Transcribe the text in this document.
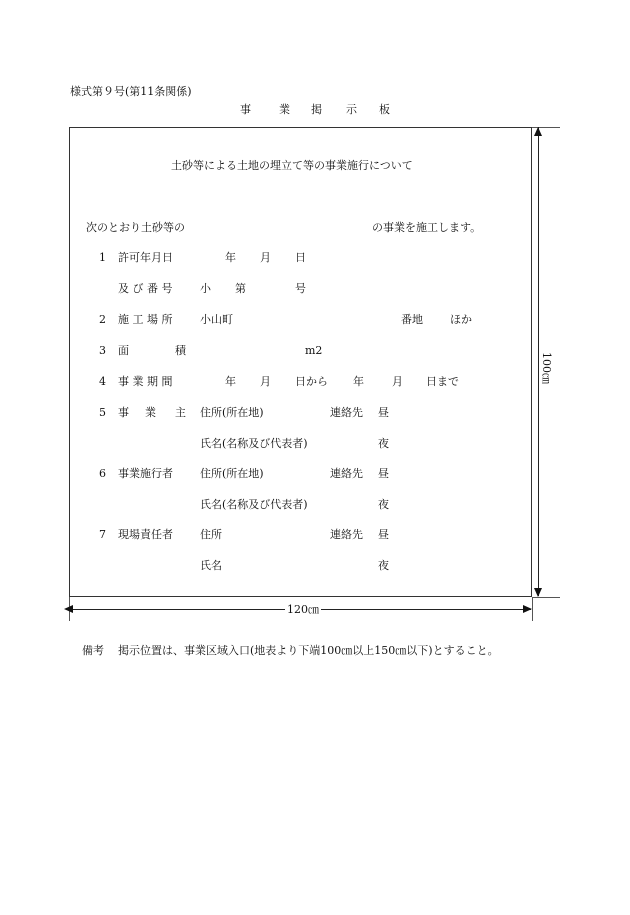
様式第９号(第11条関係)
事	業 掲 示 板
土砂等による土地の埋立て等の事業施行について
次のとおり土砂等の	の事業を施工します。
1 許可年月日	年 月 日
及 び 番 号	小 第	号
2 施 工 場 所	小山町	番地 ほか
3 面	積	m2
4 事 業 期 間	年 月 日から 年	月 日まで
5 事 業 主 住所(所在地)	連絡先 昼
氏名(名称及び代表者)	夜
6 事業施行者 住所(所在地)	連絡先 昼
氏名(名称及び代表者)	夜
7 現場責任者 住所	連絡先 昼
氏名	夜
120㎝
100㎝
備考 掲示位置は、事業区域入口(地表より下端100㎝以上150㎝以下)とすること。
